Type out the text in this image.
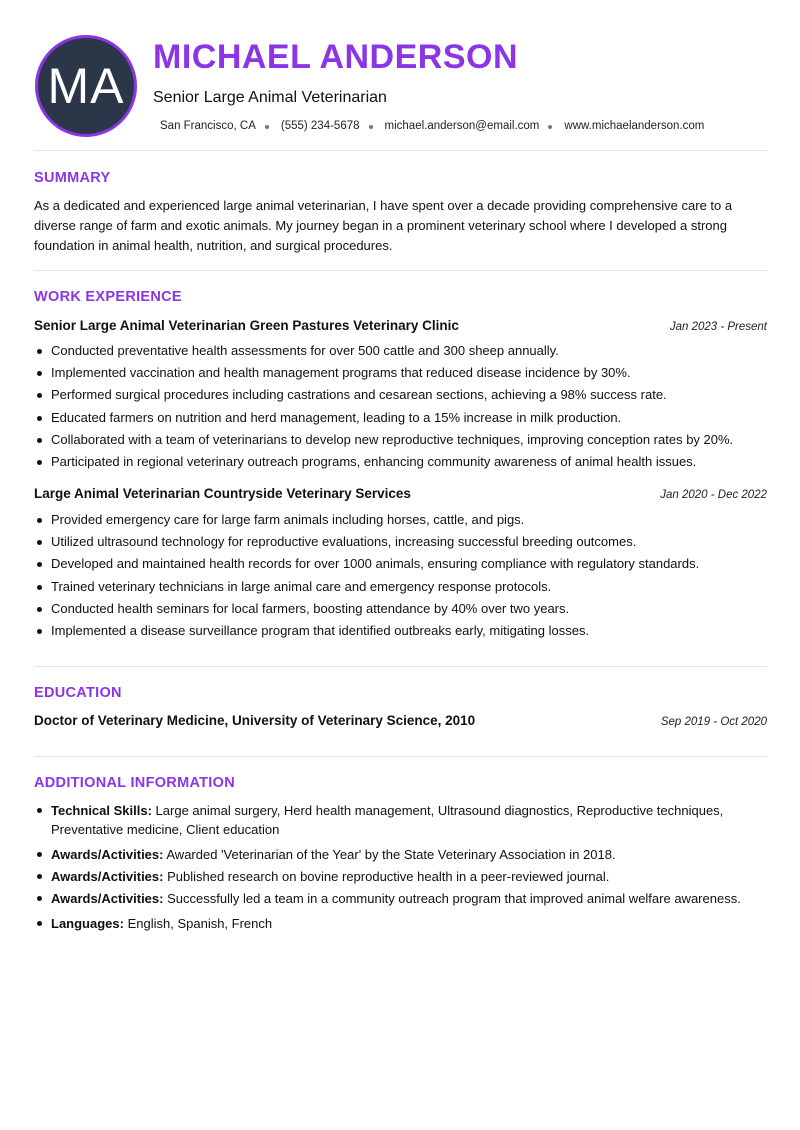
MA
MICHAEL ANDERSON
Senior Large Animal Veterinarian
San Francisco, CA (555) 234-5678 michael.anderson@email.com www.michaelanderson.com
SUMMARY

As a dedicated and experienced large animal veterinarian, I have spent over a decade providing comprehensive care to a diverse range of farm and exotic animals. My journey began in a prominent veterinary school where I developed a strong foundation in animal health, nutrition, and surgical procedures.

WORK EXPERIENCE
Senior Large Animal Veterinarian Green Pastures Veterinary Clinic	Jan 2023 - Present
Conducted preventative health assessments for over 500 cattle and 300 sheep annually.
Implemented vaccination and health management programs that reduced disease incidence by 30%.
Performed surgical procedures including castrations and cesarean sections, achieving a 98% success rate.
Educated farmers on nutrition and herd management, leading to a 15% increase in milk production.
Collaborated with a team of veterinarians to develop new reproductive techniques, improving conception rates by 20%.
Participated in regional veterinary outreach programs, enhancing community awareness of animal health issues.
Large Animal Veterinarian Countryside Veterinary Services	Jan 2020 - Dec 2022
Provided emergency care for large farm animals including horses, cattle, and pigs.
Utilized ultrasound technology for reproductive evaluations, increasing successful breeding outcomes.
Developed and maintained health records for over 1000 animals, ensuring compliance with regulatory standards.
Trained veterinary technicians in large animal care and emergency response protocols.
Conducted health seminars for local farmers, boosting attendance by 40% over two years.
Implemented a disease surveillance program that identified outbreaks early, mitigating losses.
EDUCATION
Doctor of Veterinary Medicine, University of Veterinary Science, 2010	Sep 2019 - Oct 2020
ADDITIONAL INFORMATION
Technical Skills: Large animal surgery, Herd health management, Ultrasound diagnostics, Reproductive techniques, Preventative medicine, Client education
Awards/Activities: Awarded 'Veterinarian of the Year' by the State Veterinary Association in 2018.
Awards/Activities: Published research on bovine reproductive health in a peer-reviewed journal.
Awards/Activities: Successfully led a team in a community outreach program that improved animal welfare awareness.
Languages: English, Spanish, French
